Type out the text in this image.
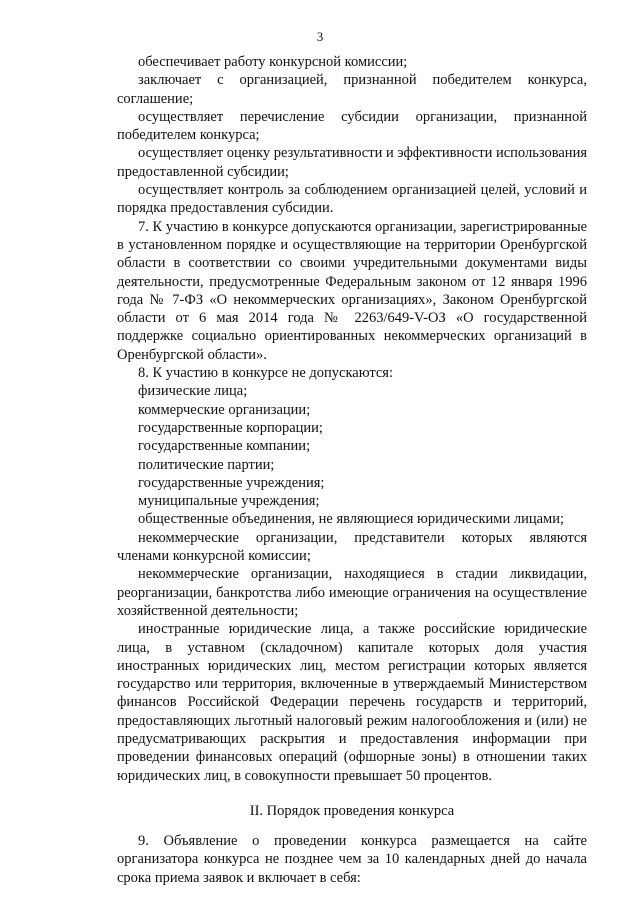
3

обеспечивает работу конкурсной комиссии;

заключает с организацией, признанной победителем конкурса, соглашение;

осуществляет перечисление субсидии организации, признанной победителем конкурса;

осуществляет оценку результативности и эффективности использования предоставленной субсидии;

осуществляет контроль за соблюдением организацией целей, условий и порядка предоставления субсидии.

7. К участию в конкурсе допускаются организации, зарегистрированные в установленном порядке и осуществляющие на территории Оренбургской области в соответствии со своими учредительными документами виды деятельности, предусмотренные Федеральным законом от 12 января 1996 года № 7-ФЗ «О некоммерческих организациях», Законом Оренбургской области от 6 мая 2014 года № 2263/649-V-ОЗ «О государственной поддержке социально ориентированных некоммерческих организаций в Оренбургской области».

8. К участию в конкурсе не допускаются:

физические лица;

коммерческие организации;

государственные корпорации;

государственные компании;

политические партии;

государственные учреждения;

муниципальные учреждения;

общественные объединения, не являющиеся юридическими лицами;

некоммерческие организации, представители которых являются членами конкурсной комиссии;

некоммерческие организации, находящиеся в стадии ликвидации, реорганизации, банкротства либо имеющие ограничения на осуществление хозяйственной деятельности;

иностранные юридические лица, а также российские юридические лица, в уставном (складочном) капитале которых доля участия иностранных юридических лиц, местом регистрации которых является государство или территория, включенные в утверждаемый Министерством финансов Российской Федерации перечень государств и территорий, предоставляющих льготный налоговый режим налогообложения и (или) не предусматривающих раскрытия и предоставления информации при проведении финансовых операций (офшорные зоны) в отношении таких юридических лиц, в совокупности превышает 50 процентов.

II. Порядок проведения конкурса

9. Объявление о проведении конкурса размещается на сайте организатора конкурса не позднее чем за 10 календарных дней до начала срока приема заявок и включает в себя:
